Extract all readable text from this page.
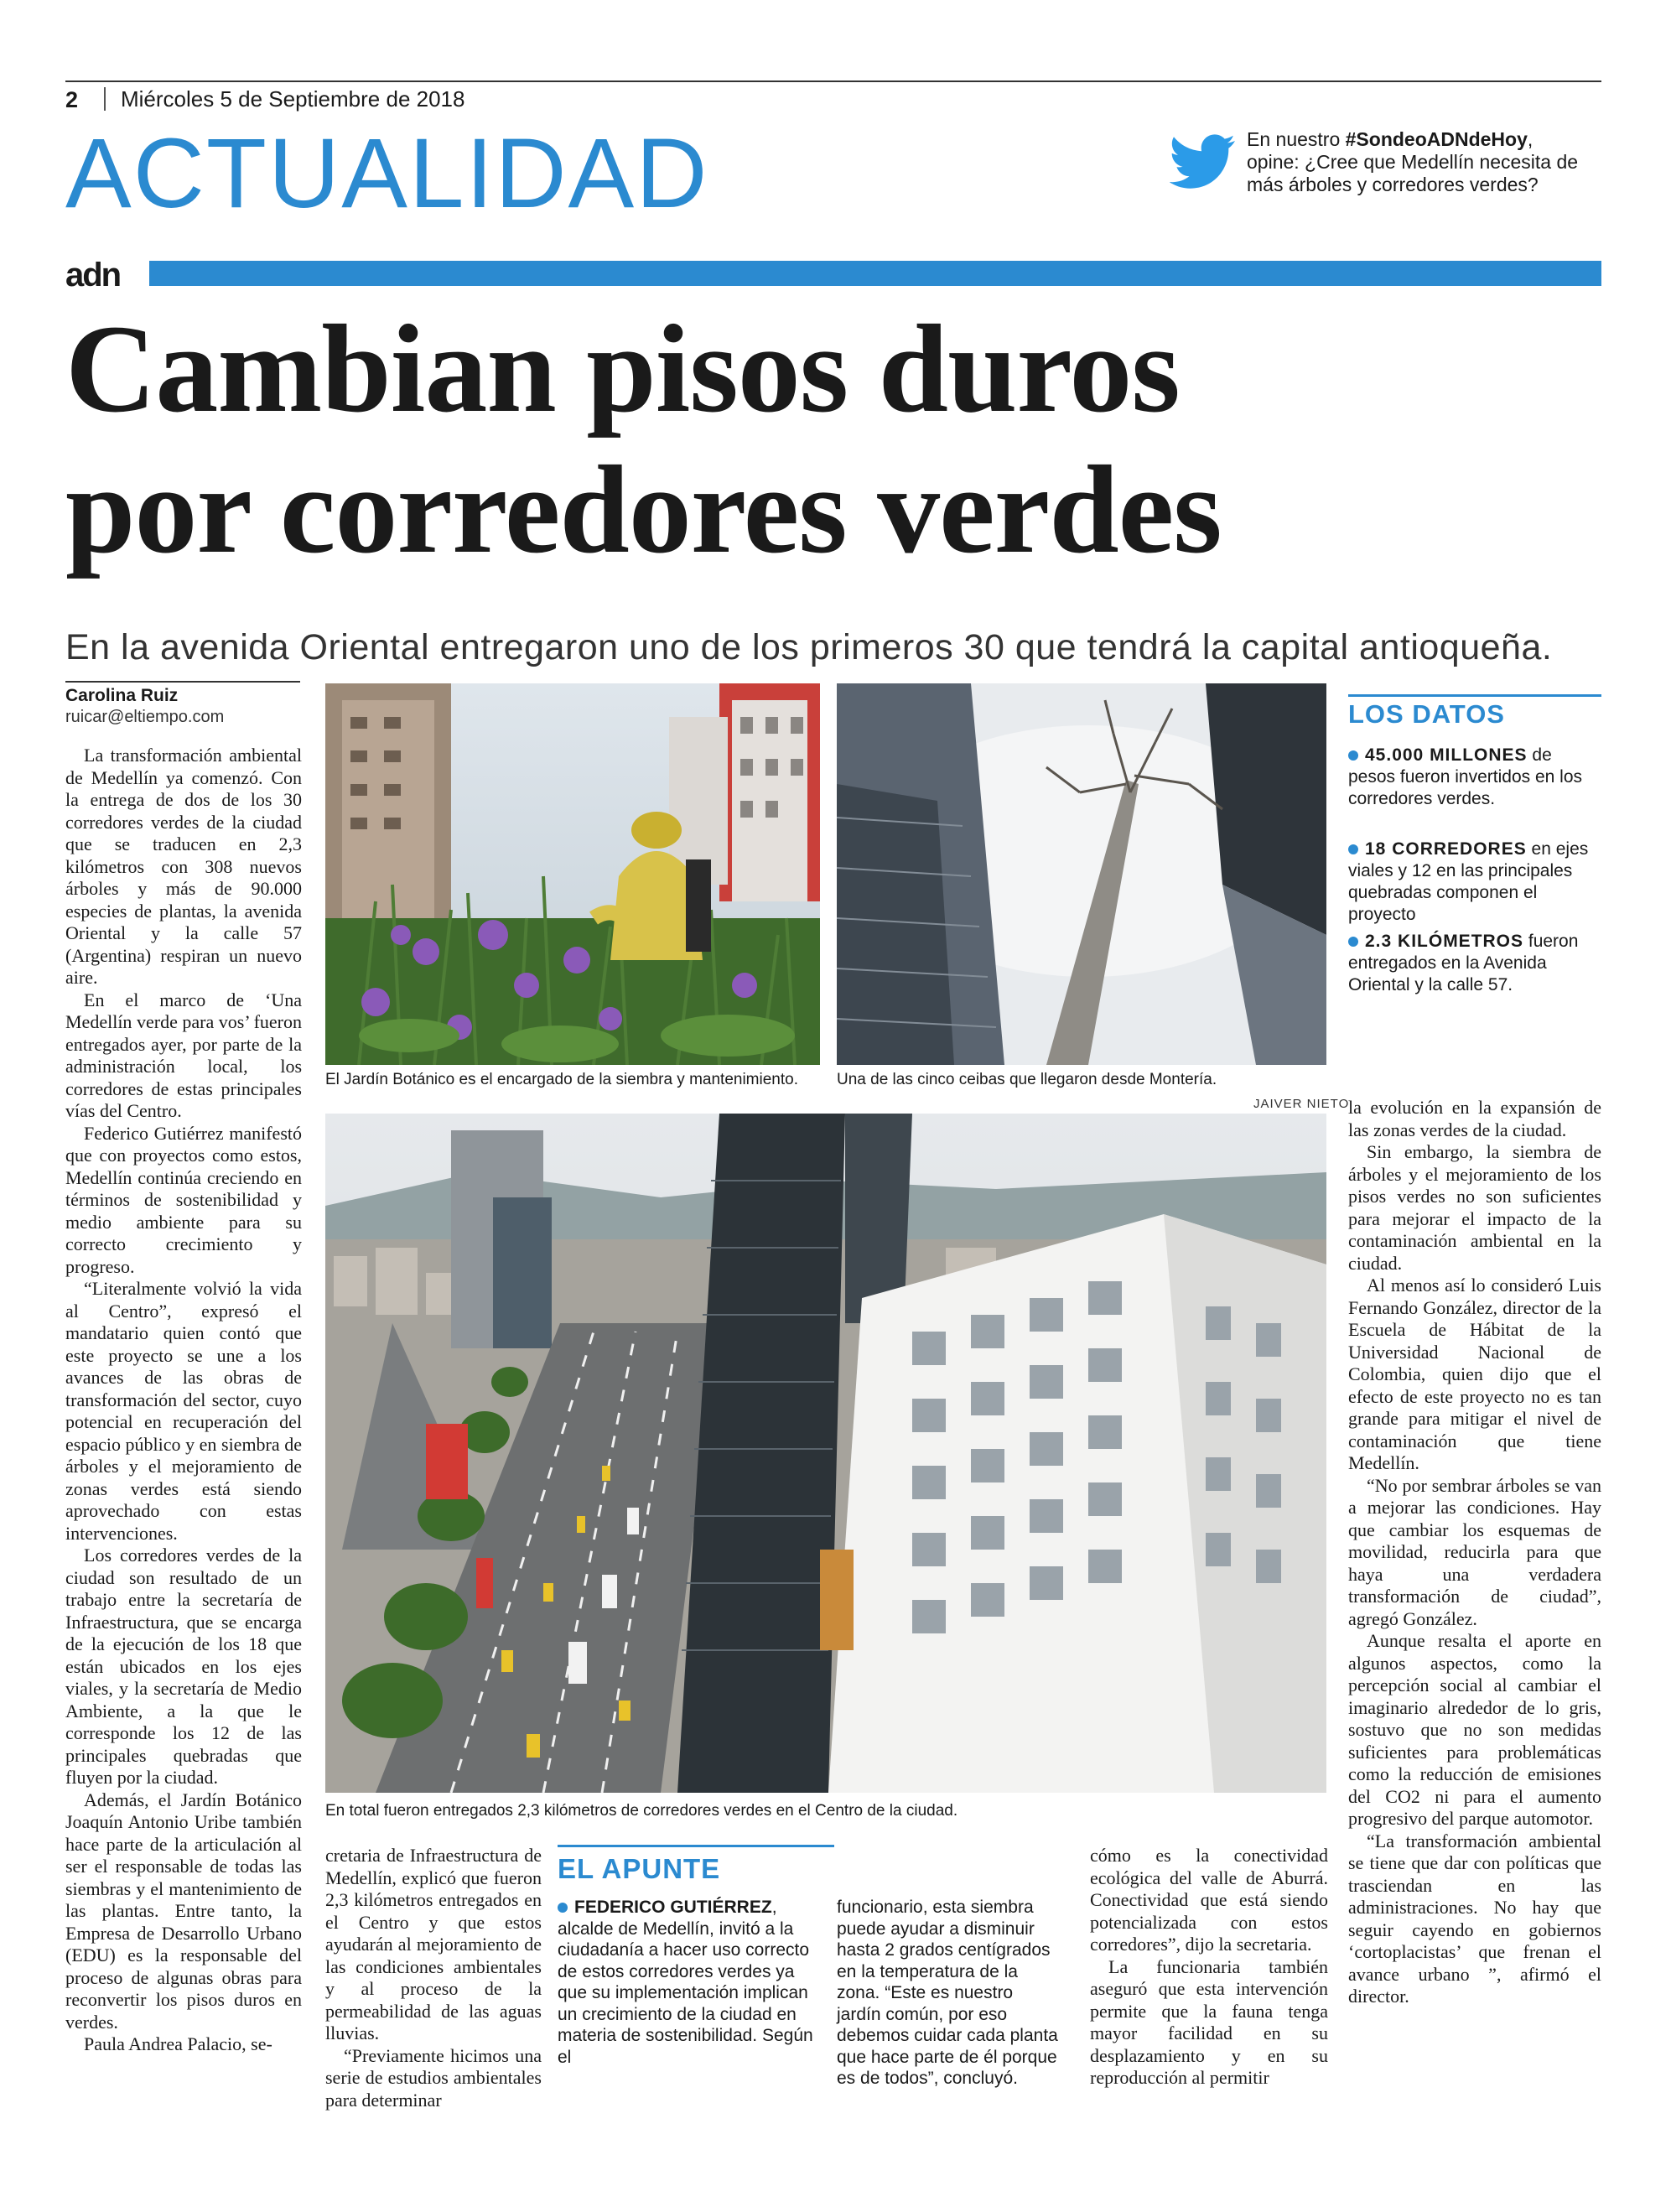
2 Miércoles 5 de Septiembre de 2018
ACTUALIDAD	En nuestro #SondeoADNdeHoy, opine: ¿Cree que Medellín necesita de más árboles y corredores verdes?
adn
Cambian pisos duros
por corredores verdes
En la avenida Oriental entregaron uno de los primeros 30 que tendrá la capital antioqueña.
Carolina Ruiz
ruicar@eltiempo.com

La transformación ambiental de Medellín ya comenzó. Con la entrega de dos de los 30 corredores verdes de la ciudad que se traducen en 2,3 kilómetros con 308 nuevos árboles y más de 90.000 especies de plantas, la avenida Oriental y la calle 57 (Argentina) respiran un nuevo aire.

En el marco de ‘Una Medellín verde para vos’ fueron entregados ayer, por parte de la administración local, los corredores de estas principales vías del Centro.

Federico Gutiérrez manifestó que con proyectos como estos, Medellín continúa creciendo en términos de sostenibilidad y medio ambiente para su correcto crecimiento y progreso.

“Literalmente volvió la vida al Centro”, expresó el mandatario quien contó que este proyecto se une a los avances de las obras de transformación del sector, cuyo potencial en recuperación del espacio público y en siembra de árboles y el mejoramiento de zonas verdes está siendo aprovechado con estas intervenciones.

Los corredores verdes de la ciudad son resultado de un trabajo entre la secretaría de Infraestructura, que se encarga de la ejecución de los 18 que están ubicados en los ejes viales, y la secretaría de Medio Ambiente, a la que le corresponde los 12 de las principales quebradas que fluyen por la ciudad.

Además, el Jardín Botánico Joaquín Antonio Uribe también hace parte de la articulación al ser el responsable de todas las siembras y el mantenimiento de las plantas. Entre tanto, la Empresa de Desarrollo Urbano (EDU) es la responsable del proceso de algunas obras para reconvertir los pisos duros en verdes.

Paula Andrea Palacio, se-

El Jardín Botánico es el encargado de la siembra y mantenimiento.	Una de las cinco ceibas que llegaron desde Montería.
LOS DATOS
45.000 MILLONES de pesos fueron invertidos en los corredores verdes.
18 CORREDORES en ejes viales y 12 en las principales quebradas componen el proyecto
2.3 KILÓMETROS fueron entregados en la Avenida Oriental y la calle 57.
JAIVER NIETO
En total fueron entregados 2,3 kilómetros de corredores verdes en el Centro de la ciudad.

cretaria de Infraestructura de Medellín, explicó que fueron 2,3 kilómetros entregados en el Centro y que estos ayudarán al mejoramiento de las condiciones ambientales y al proceso de la permeabilidad de las aguas lluvias.

“Previamente hicimos una serie de estudios ambientales para determinar

EL APUNTE
FEDERICO GUTIÉRREZ, alcalde de Medellín, invitó a la ciudadanía a hacer uso correcto de estos corredores verdes ya que su implementación implican un crecimiento de la ciudad en materia de sostenibilidad. Según el
funcionario, esta siembra puede ayudar a disminuir hasta 2 grados centígrados en la temperatura de la zona. “Este es nuestro jardín común, por eso debemos cuidar cada planta que hace parte de él porque es de todos”, concluyó.

cómo es la conectividad ecológica del valle de Aburrá. Conectividad que está siendo potencializada con estos corredores”, dijo la secretaria.

La funcionaria también aseguró que esta intervención permite que la fauna tenga mayor facilidad en su desplazamiento y en su reproducción al permitir

la evolución en la expansión de las zonas verdes de la ciudad.

Sin embargo, la siembra de árboles y el mejoramiento de los pisos verdes no son suficientes para mejorar el impacto de la contaminación ambiental en la ciudad.

Al menos así lo consideró Luis Fernando González, director de la Escuela de Hábitat de la Universidad Nacional de Colombia, quien dijo que el efecto de este proyecto no es tan grande para mitigar el nivel de contaminación que tiene Medellín.

“No por sembrar árboles se van a mejorar las condiciones. Hay que cambiar los esquemas de movilidad, reducirla para que haya una verdadera transformación de ciudad”, agregó González.

Aunque resalta el aporte en algunos aspectos, como la percepción social al cambiar el imaginario alrededor de lo gris, sostuvo que no son medidas suficientes para problemáticas como la reducción de emisiones del CO2 ni para el aumento progresivo del parque automotor.

“La transformación ambiental se tiene que dar con políticas que trasciendan en las administraciones. No hay que seguir cayendo en gobiernos ‘cortoplacistas’ que frenan el avance urbano ”, afirmó el director.
